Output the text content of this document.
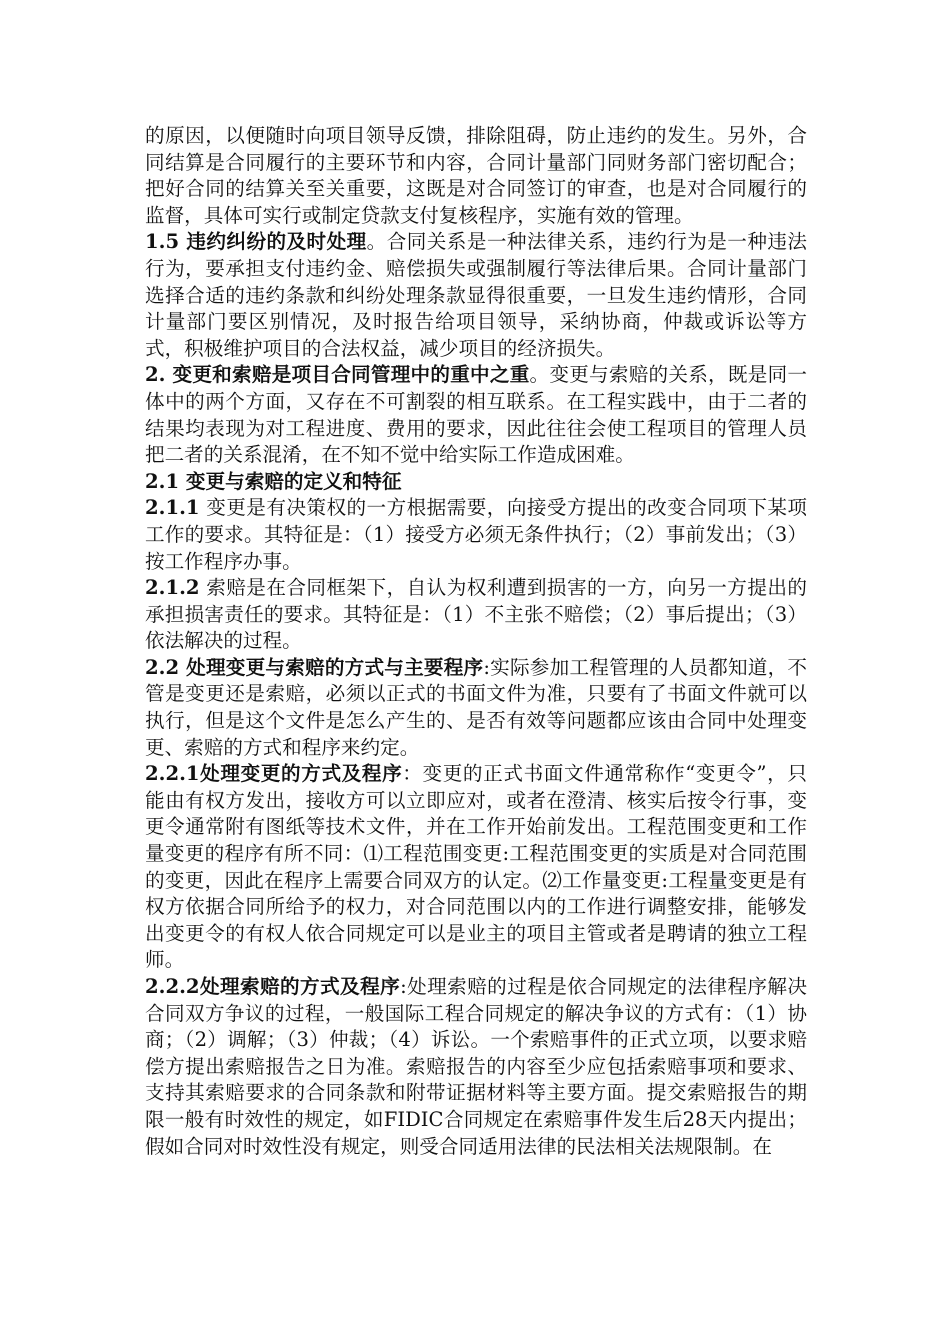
的原因，以便随时向项目领导反馈，排除阻碍，防止违约的发生。另外，合同结算是合同履行的主要环节和内容，合同计量部门同财务部门密切配合；把好合同的结算关至关重要，这既是对合同签订的审查，也是对合同履行的监督，具体可实行或制定贷款支付复核程序，实施有效的管理。

1.5 违约纠纷的及时处理。合同关系是一种法律关系，违约行为是一种违法行为，要承担支付违约金、赔偿损失或强制履行等法律后果。合同计量部门选择合适的违约条款和纠纷处理条款显得很重要，一旦发生违约情形，合同计量部门要区别情况，及时报告给项目领导，采纳协商，仲裁或诉讼等方式，积极维护项目的合法权益，减少项目的经济损失。

2. 变更和索赔是项目合同管理中的重中之重。变更与索赔的关系，既是同一体中的两个方面，又存在不可割裂的相互联系。在工程实践中，由于二者的结果均表现为对工程进度、费用的要求，因此往往会使工程项目的管理人员把二者的关系混淆，在不知不觉中给实际工作造成困难。

2.1 变更与索赔的定义和特征

2.1.1 变更是有决策权的一方根据需要，向接受方提出的改变合同项下某项工作的要求。其特征是：（1）接受方必须无条件执行；（2）事前发出；（3）按工作程序办事。

2.1.2 索赔是在合同框架下，自认为权利遭到损害的一方，向另一方提出的承担损害责任的要求。其特征是：（1）不主张不赔偿；（2）事后提出；（3）依法解决的过程。

2.2 处理变更与索赔的方式与主要程序:实际参加工程管理的人员都知道，不管是变更还是索赔，必须以正式的书面文件为准，只要有了书面文件就可以执行，但是这个文件是怎么产生的、是否有效等问题都应该由合同中处理变更、索赔的方式和程序来约定。

2.2.1处理变更的方式及程序：变更的正式书面文件通常称作“变更令”，只能由有权方发出，接收方可以立即应对，或者在澄清、核实后按令行事，变更令通常附有图纸等技术文件，并在工作开始前发出。工程范围变更和工作量变更的程序有所不同：⑴工程范围变更:工程范围变更的实质是对合同范围的变更，因此在程序上需要合同双方的认定。⑵工作量变更:工程量变更是有权方依据合同所给予的权力，对合同范围以内的工作进行调整安排，能够发出变更令的有权人依合同规定可以是业主的项目主管或者是聘请的独立工程师。

2.2.2处理索赔的方式及程序:处理索赔的过程是依合同规定的法律程序解决合同双方争议的过程，一般国际工程合同规定的解决争议的方式有：（1）协商；（2）调解；（3）仲裁；（4）诉讼。一个索赔事件的正式立项，以要求赔偿方提出索赔报告之日为准。索赔报告的内容至少应包括索赔事项和要求、支持其索赔要求的合同条款和附带证据材料等主要方面。提交索赔报告的期限一般有时效性的规定，如FIDIC合同规定在索赔事件发生后28天内提出；假如合同对时效性没有规定，则受合同适用法律的民法相关法规限制。在
